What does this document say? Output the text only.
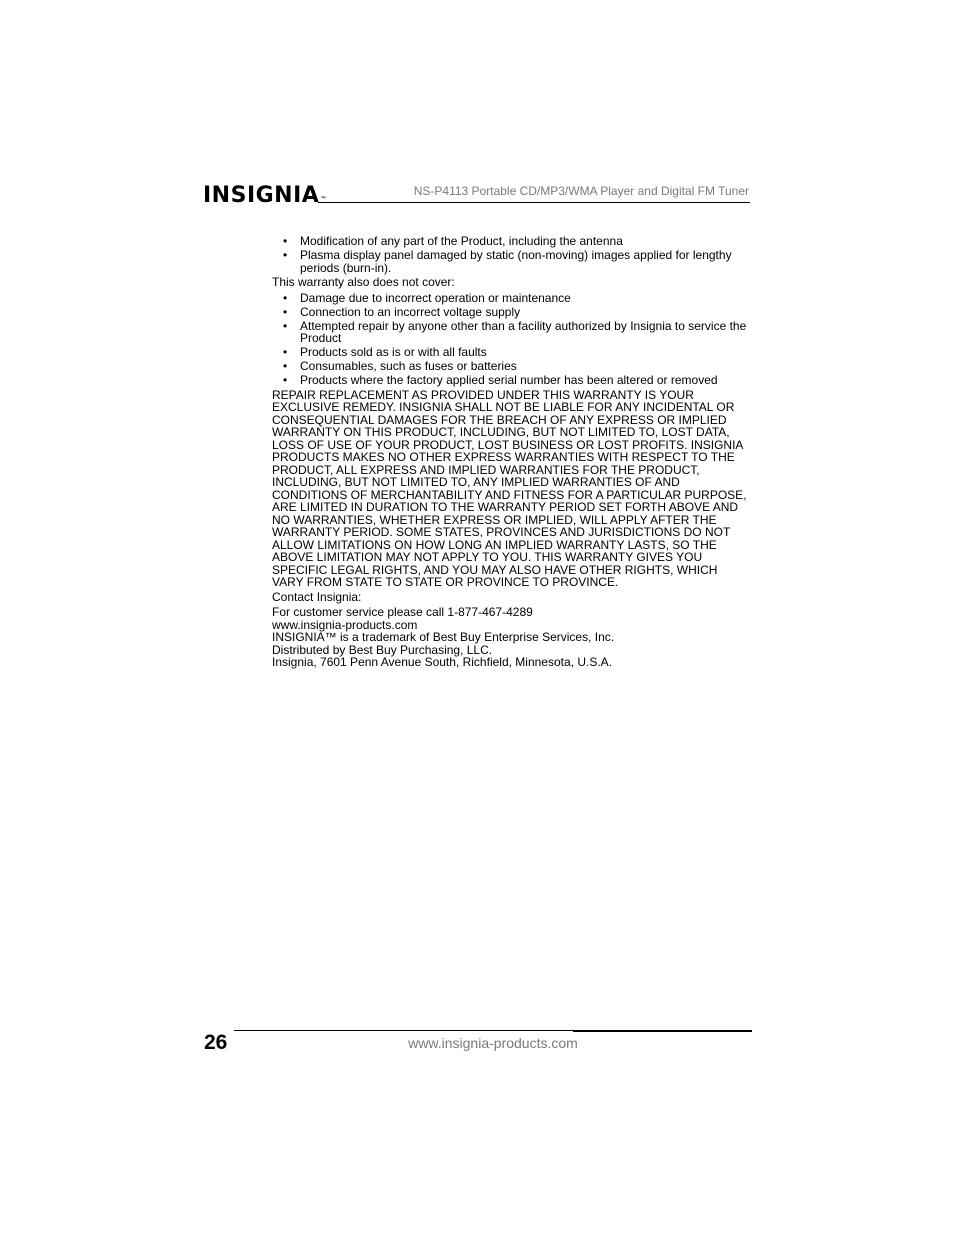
INSIGNIA™
NS-P4113 Portable CD/MP3/WMA Player and Digital FM Tuner
• Modification of any part of the Product, including the antenna
• Plasma display panel damaged by static (non-moving) images applied for lengthy periods (burn-in).

This warranty also does not cover:

• Damage due to incorrect operation or maintenance
• Connection to an incorrect voltage supply
• Attempted repair by anyone other than a facility authorized by Insignia to service the Product
• Products sold as is or with all faults
• Consumables, such as fuses or batteries
• Products where the factory applied serial number has been altered or removed

REPAIR REPLACEMENT AS PROVIDED UNDER THIS WARRANTY IS YOUR EXCLUSIVE REMEDY. INSIGNIA SHALL NOT BE LIABLE FOR ANY INCIDENTAL OR CONSEQUENTIAL DAMAGES FOR THE BREACH OF ANY EXPRESS OR IMPLIED WARRANTY ON THIS PRODUCT, INCLUDING, BUT NOT LIMITED TO, LOST DATA, LOSS OF USE OF YOUR PRODUCT, LOST BUSINESS OR LOST PROFITS. INSIGNIA PRODUCTS MAKES NO OTHER EXPRESS WARRANTIES WITH RESPECT TO THE PRODUCT, ALL EXPRESS AND IMPLIED WARRANTIES FOR THE PRODUCT, INCLUDING, BUT NOT LIMITED TO, ANY IMPLIED WARRANTIES OF AND CONDITIONS OF MERCHANTABILITY AND FITNESS FOR A PARTICULAR PURPOSE, ARE LIMITED IN DURATION TO THE WARRANTY PERIOD SET FORTH ABOVE AND NO WARRANTIES, WHETHER EXPRESS OR IMPLIED, WILL APPLY AFTER THE WARRANTY PERIOD. SOME STATES, PROVINCES AND JURISDICTIONS DO NOT ALLOW LIMITATIONS ON HOW LONG AN IMPLIED WARRANTY LASTS, SO THE ABOVE LIMITATION MAY NOT APPLY TO YOU. THIS WARRANTY GIVES YOU SPECIFIC LEGAL RIGHTS, AND YOU MAY ALSO HAVE OTHER RIGHTS, WHICH VARY FROM STATE TO STATE OR PROVINCE TO PROVINCE.

Contact Insignia:

For customer service please call 1-877-467-4289
www.insignia-products.com
INSIGNIA™ is a trademark of Best Buy Enterprise Services, Inc.
Distributed by Best Buy Purchasing, LLC.
Insignia, 7601 Penn Avenue South, Richfield, Minnesota, U.S.A.
26	www.insignia-products.com
